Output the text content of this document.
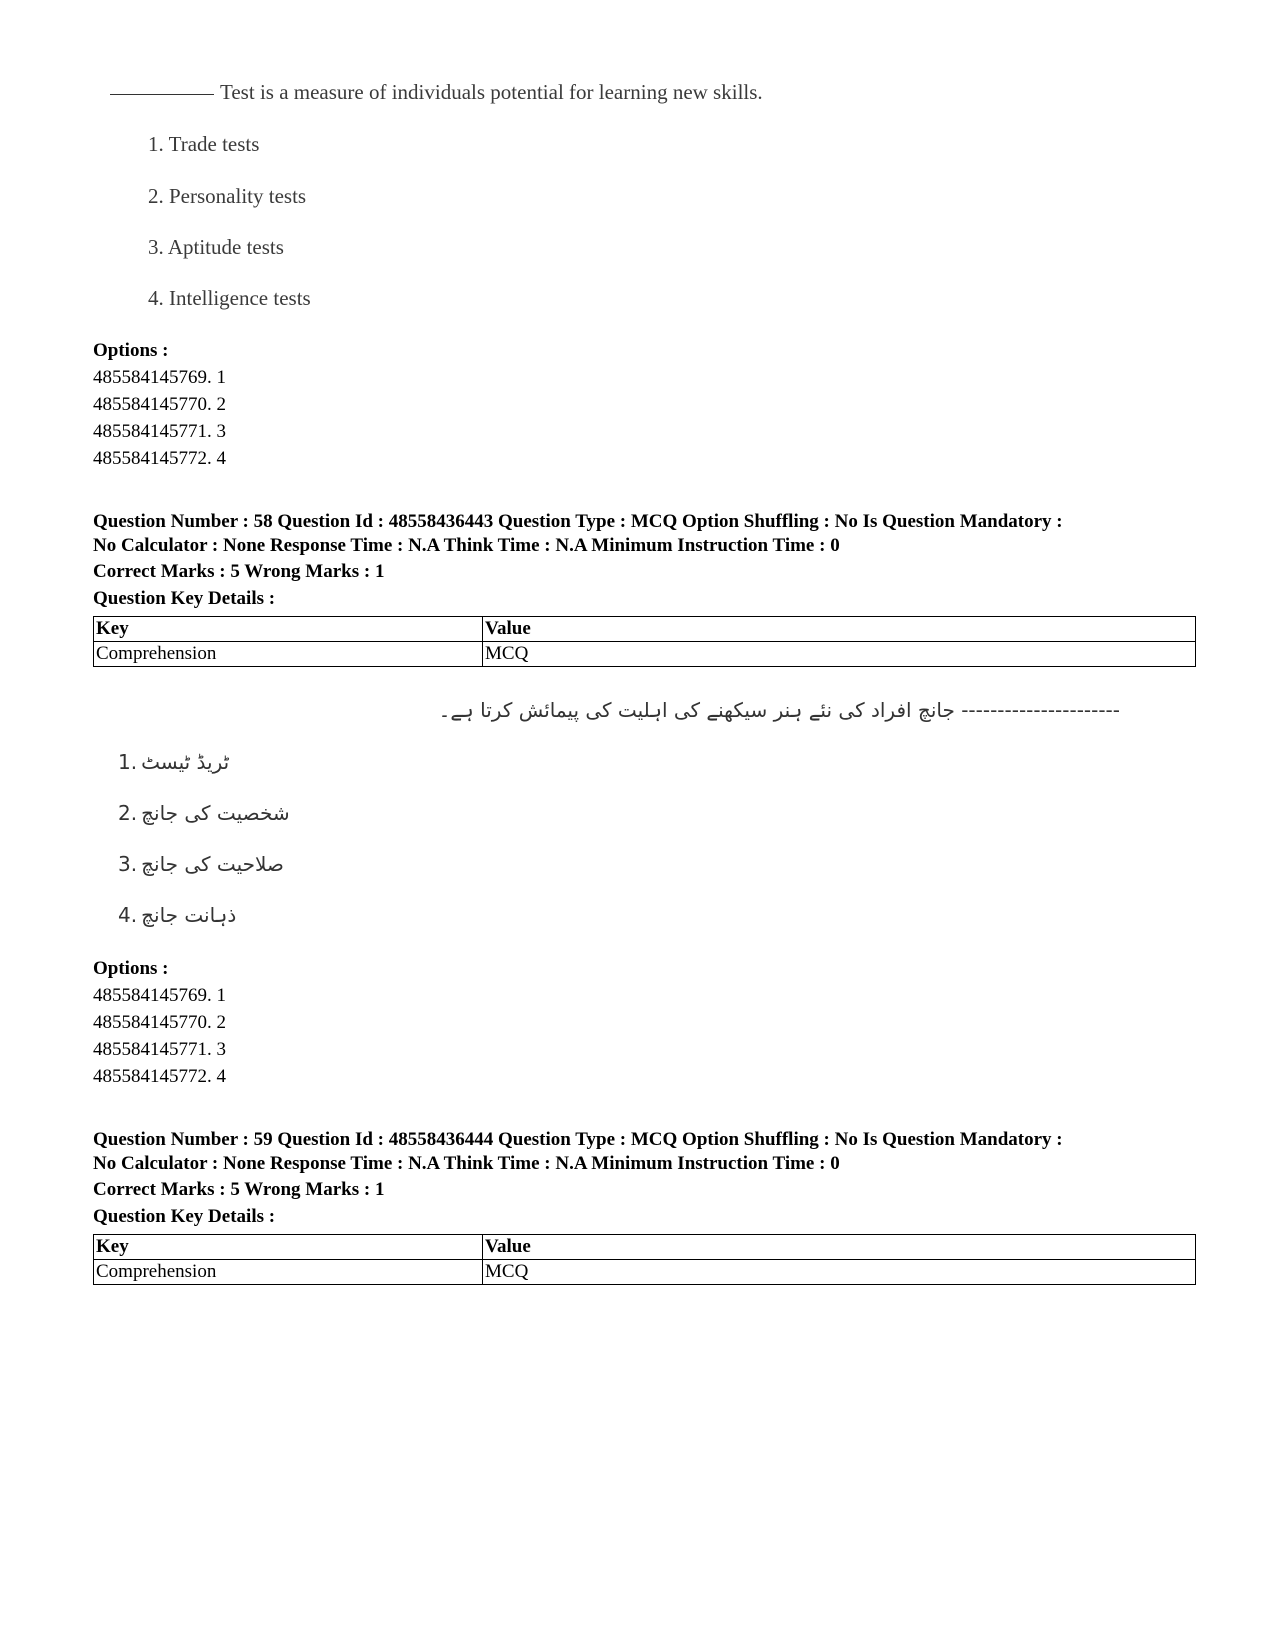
Test is a measure of individuals potential for learning new skills.
1. Trade tests
2. Personality tests
3. Aptitude tests
4. Intelligence tests
Options :
485584145769. 1
485584145770. 2
485584145771. 3
485584145772. 4
Question Number : 58 Question Id : 48558436443 Question Type : MCQ Option Shuffling : No Is Question Mandatory :
No Calculator : None Response Time : N.A Think Time : N.A Minimum Instruction Time : 0
Correct Marks : 5 Wrong Marks : 1
Question Key Details :
Key	Value
Comprehension	MCQ
---------------------- جانچ افراد کی نئے ہنر سیکھنے کی اہلیت کی پیمائش کرتا ہے۔
1. ٹریڈ ٹیسٹ
2. شخصیت کی جانچ
3. صلاحیت کی جانچ
4. ذہانت جانچ
Options :
485584145769. 1
485584145770. 2
485584145771. 3
485584145772. 4
Question Number : 59 Question Id : 48558436444 Question Type : MCQ Option Shuffling : No Is Question Mandatory :
No Calculator : None Response Time : N.A Think Time : N.A Minimum Instruction Time : 0
Correct Marks : 5 Wrong Marks : 1
Question Key Details :
Key	Value
Comprehension	MCQ
